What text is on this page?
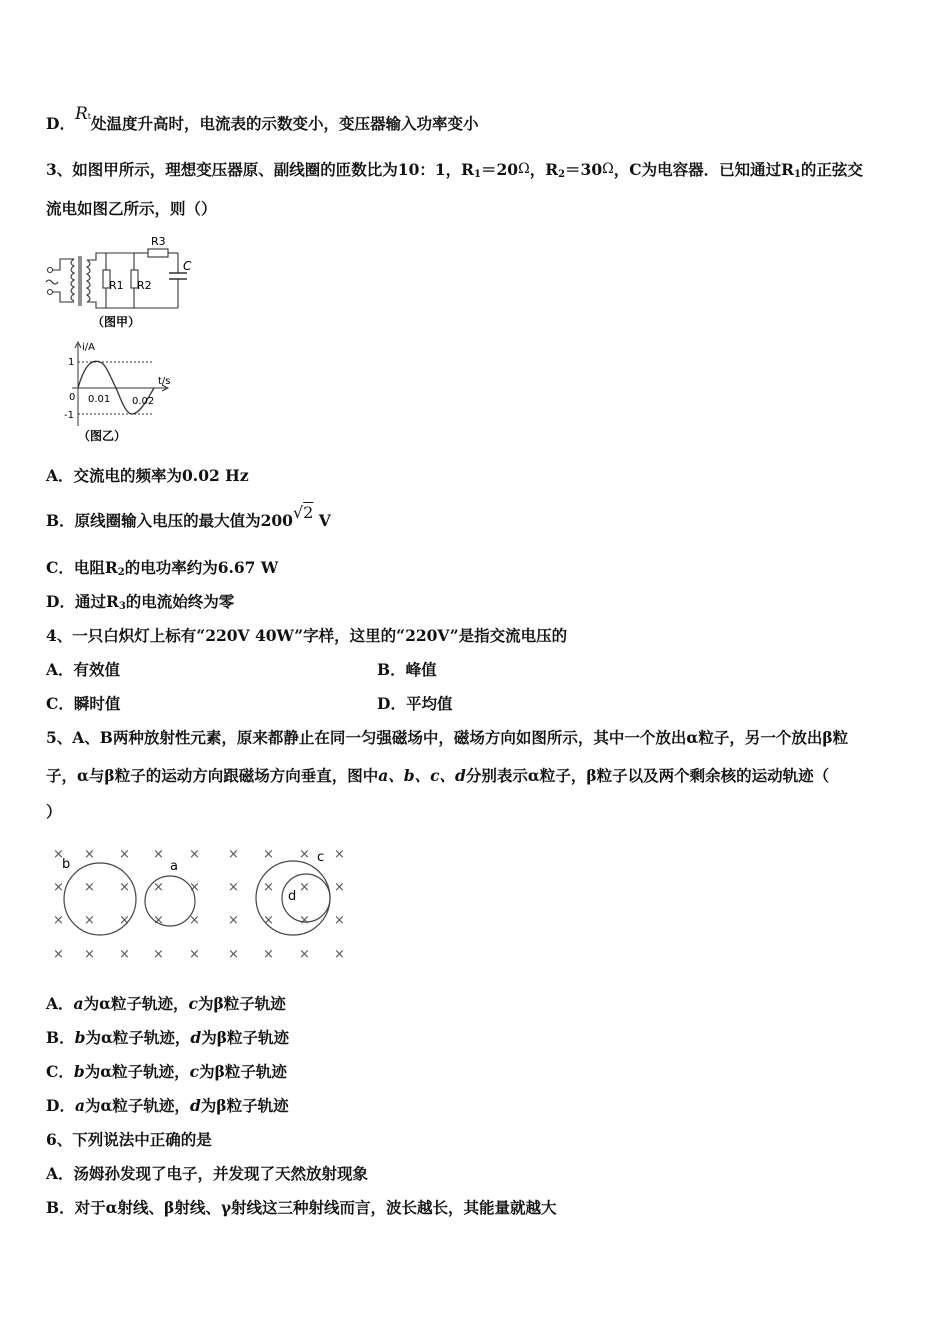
D．Rt处温度升高时，电流表的示数变小，变压器输入功率变小
3、如图甲所示，理想变压器原、副线圈的匝数比为10：1，$R_1=20\Omega$，$R_2=30\Omega$，C为电容器．已知通过$R_1$的正弦交
流电如图乙所示，则（）
R1 R2
R3
C
（图甲）
i/A
t/s
1
-1
0 0.01 0.02
（图乙）
A．交流电的频率为0.02 Hz
B．原线圈输入电压的最大值为200√2 V
C．电阻$R_2$的电功率约为6.67 W
D．通过$R_3$的电流始终为零
4、一只白炽灯上标有“220V 40W”字样，这里的“220V”是指交流电压的
A．有效值	B．峰值
C．瞬时值	D．平均值
5、A、B两种放射性元素，原来都静止在同一匀强磁场中，磁场方向如图所示，其中一个放出α粒子，另一个放出β粒
子，α与β粒子的运动方向跟磁场方向垂直，图中a、b、c、d分别表示α粒子，β粒子以及两个剩余核的运动轨迹（
）
× × × × × × × × ×
× × × × × × × × ×
× × × × × × × × ×
× × × × × × × × ×
b	a
c
d
A．a为α粒子轨迹，c为β粒子轨迹
B．b为α粒子轨迹，d为β粒子轨迹
C．b为α粒子轨迹，c为β粒子轨迹
D．a为α粒子轨迹，d为β粒子轨迹
6、下列说法中正确的是
A．汤姆孙发现了电子，并发现了天然放射现象
B．对于α射线、β射线、γ射线这三种射线而言，波长越长，其能量就越大
